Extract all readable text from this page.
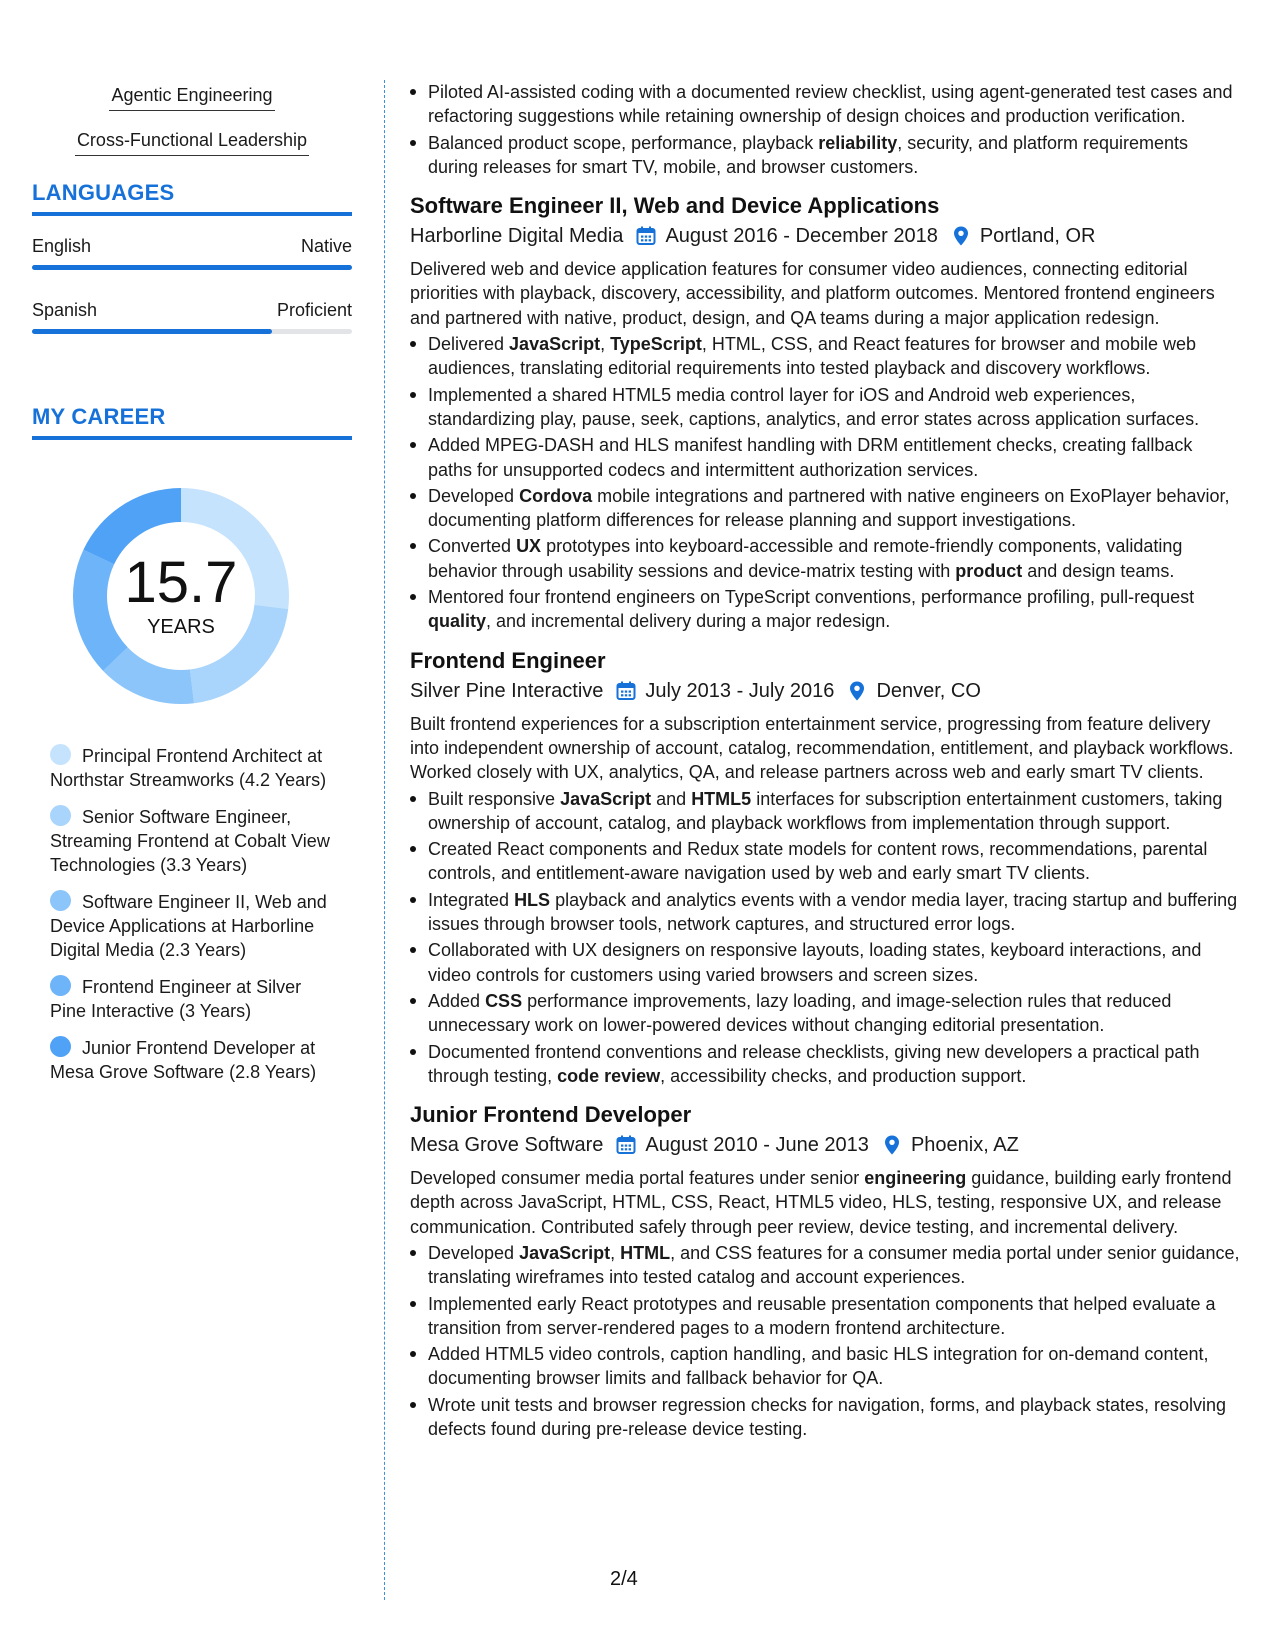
Agentic Engineering
Cross-Functional Leadership
LANGUAGES
English	Native
Spanish	Proficient
MY CAREER
15.7
YEARS
Principal Frontend Architect at Northstar Streamworks (4.2 Years)
Senior Software Engineer, Streaming Frontend at Cobalt View Technologies (3.3 Years)
Software Engineer II, Web and Device Applications at Harborline Digital Media (2.3 Years)
Frontend Engineer at Silver Pine Interactive (3 Years)
Junior Frontend Developer at Mesa Grove Software (2.8 Years)
Piloted AI-assisted coding with a documented review checklist, using agent-generated test cases and refactoring suggestions while retaining ownership of design choices and production verification.
Balanced product scope, performance, playback reliability, security, and platform requirements during releases for smart TV, mobile, and browser customers.
Software Engineer II, Web and Device Applications
Harborline Digital Media August 2016 - December 2018 Portland, OR
Delivered web and device application features for consumer video audiences, connecting editorial priorities with playback, discovery, accessibility, and platform outcomes. Mentored frontend engineers and partnered with native, product, design, and QA teams during a major application redesign.
Delivered JavaScript, TypeScript, HTML, CSS, and React features for browser and mobile web audiences, translating editorial requirements into tested playback and discovery workflows.
Implemented a shared HTML5 media control layer for iOS and Android web experiences, standardizing play, pause, seek, captions, analytics, and error states across application surfaces.
Added MPEG-DASH and HLS manifest handling with DRM entitlement checks, creating fallback paths for unsupported codecs and intermittent authorization services.
Developed Cordova mobile integrations and partnered with native engineers on ExoPlayer behavior, documenting platform differences for release planning and support investigations.
Converted UX prototypes into keyboard-accessible and remote-friendly components, validating behavior through usability sessions and device-matrix testing with product and design teams.
Mentored four frontend engineers on TypeScript conventions, performance profiling, pull-request quality, and incremental delivery during a major redesign.
Frontend Engineer
Silver Pine Interactive July 2013 - July 2016 Denver, CO
Built frontend experiences for a subscription entertainment service, progressing from feature delivery into independent ownership of account, catalog, recommendation, entitlement, and playback workflows. Worked closely with UX, analytics, QA, and release partners across web and early smart TV clients.
Built responsive JavaScript and HTML5 interfaces for subscription entertainment customers, taking ownership of account, catalog, and playback workflows from implementation through support.
Created React components and Redux state models for content rows, recommendations, parental controls, and entitlement-aware navigation used by web and early smart TV clients.
Integrated HLS playback and analytics events with a vendor media layer, tracing startup and buffering issues through browser tools, network captures, and structured error logs.
Collaborated with UX designers on responsive layouts, loading states, keyboard interactions, and video controls for customers using varied browsers and screen sizes.
Added CSS performance improvements, lazy loading, and image-selection rules that reduced unnecessary work on lower-powered devices without changing editorial presentation.
Documented frontend conventions and release checklists, giving new developers a practical path through testing, code review, accessibility checks, and production support.
Junior Frontend Developer
Mesa Grove Software August 2010 - June 2013 Phoenix, AZ
Developed consumer media portal features under senior engineering guidance, building early frontend depth across JavaScript, HTML, CSS, React, HTML5 video, HLS, testing, responsive UX, and release communication. Contributed safely through peer review, device testing, and incremental delivery.
Developed JavaScript, HTML, and CSS features for a consumer media portal under senior guidance, translating wireframes into tested catalog and account experiences.
Implemented early React prototypes and reusable presentation components that helped evaluate a transition from server-rendered pages to a modern frontend architecture.
Added HTML5 video controls, caption handling, and basic HLS integration for on-demand content, documenting browser limits and fallback behavior for QA.
Wrote unit tests and browser regression checks for navigation, forms, and playback states, resolving defects found during pre-release device testing.
2/4
